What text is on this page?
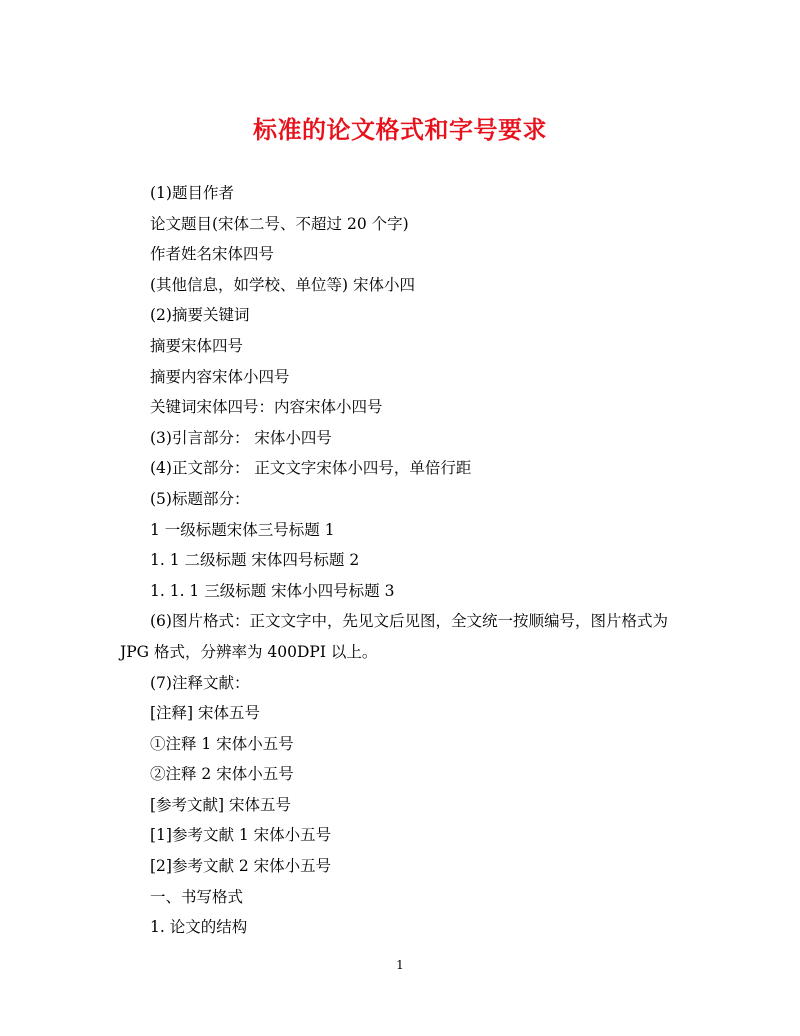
标准的论文格式和字号要求
(1)题目作者
论文题目(宋体二号、不超过 20 个字)
作者姓名宋体四号
(其他信息，如学校、单位等) 宋体小四
(2)摘要关键词
摘要宋体四号
摘要内容宋体小四号
关键词宋体四号：内容宋体小四号
(3)引言部分： 宋体小四号
(4)正文部分： 正文文字宋体小四号，单倍行距
(5)标题部分：
1 一级标题宋体三号标题 1
1. 1 二级标题 宋体四号标题 2
1. 1. 1 三级标题 宋体小四号标题 3
(6)图片格式：正文文字中，先见文后见图，全文统一按顺编号，图片格式为
JPG 格式，分辨率为 400DPI 以上。
(7)注释文献：
[注释] 宋体五号
①注释 1 宋体小五号
②注释 2 宋体小五号
[参考文献] 宋体五号
[1]参考文献 1 宋体小五号
[2]参考文献 2 宋体小五号
一、书写格式
1. 论文的结构
1
